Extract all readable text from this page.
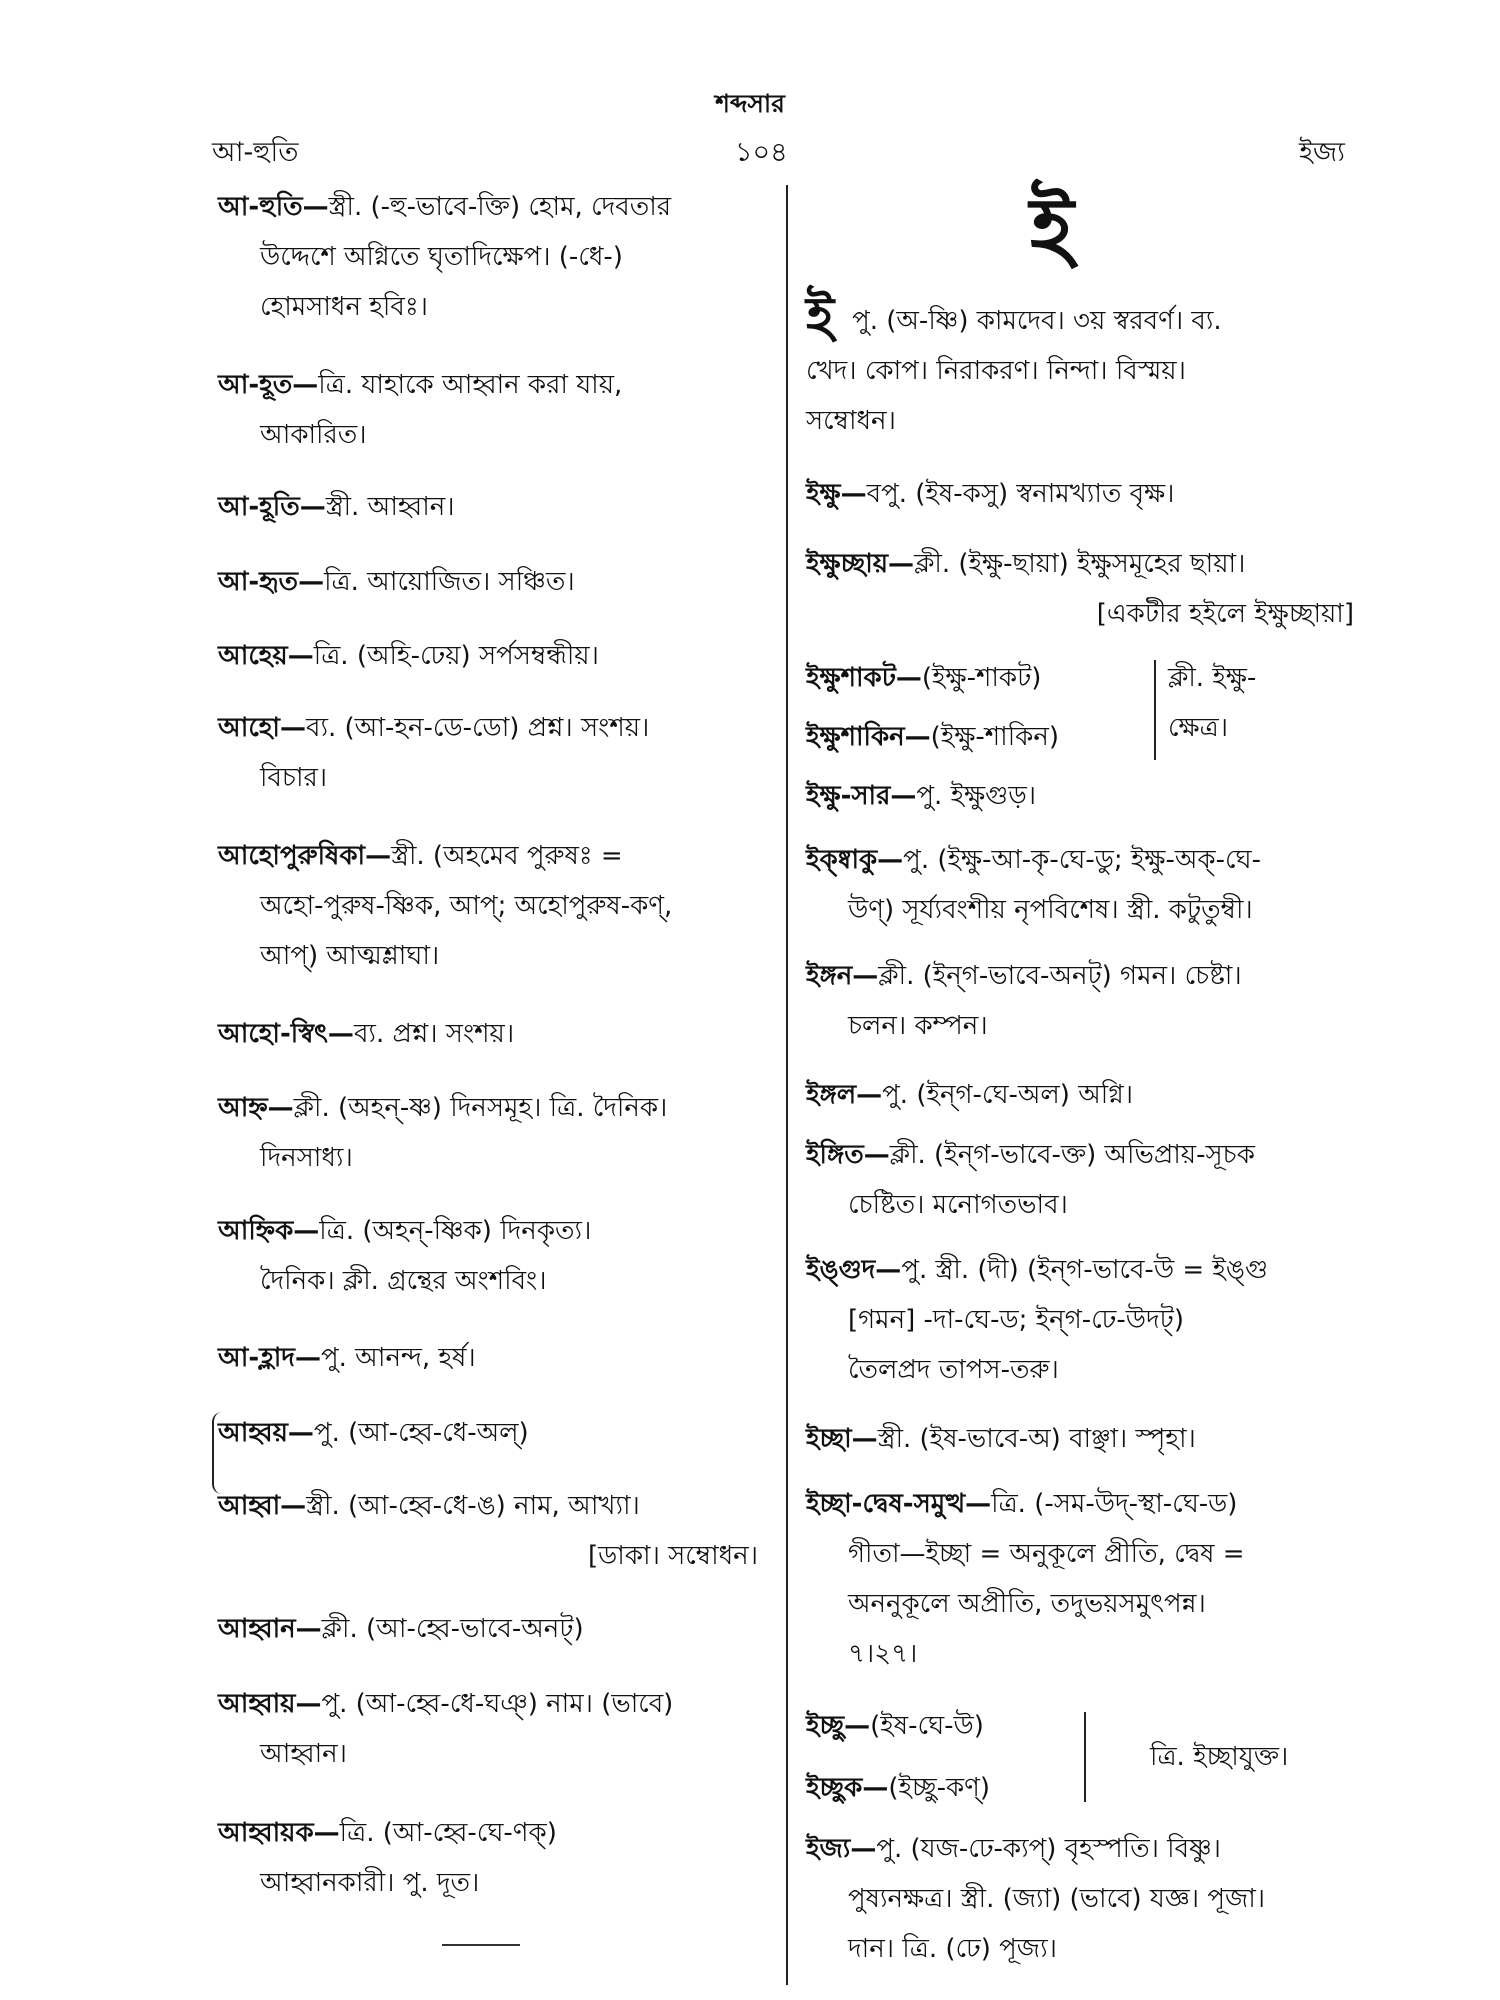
শব্দসার
আ-হুতি	১০৪	ইজ্য
ই
আ-হুতি—স্ত্রী. (-হু-ভাবে-ক্তি) হোম, দেবতার
উদ্দেশে অগ্নিতে ঘৃতাদিক্ষেপ। (-ধে-)
হোমসাধন হবিঃ।
আ-হূত—ত্রি. যাহাকে আহ্বান করা যায়,
আকারিত।
আ-হূতি—স্ত্রী. আহ্বান।
আ-হৃত—ত্রি. আয়োজিত। সঞ্চিত।
আহেয়—ত্রি. (অহি-ঢেয়) সর্পসম্বন্ধীয়।
আহো—ব্য. (আ-হন-ডে-ডো) প্রশ্ন। সংশয়।
বিচার।
আহোপুরুষিকা—স্ত্রী. (অহমেব পুরুষঃ =
অহো-পুরুষ-ষ্ণিক, আপ্; অহোপুরুষ-কণ্,
আপ্) আত্মশ্লাঘা।
আহো-স্বিৎ—ব্য. প্রশ্ন। সংশয়।
আহ্ন—ক্লী. (অহন্-ষ্ণ) দিনসমূহ। ত্রি. দৈনিক।
দিনসাধ্য।
আহ্নিক—ত্রি. (অহন্-ষ্ণিক) দিনকৃত্য।
দৈনিক। ক্লী. গ্রন্থের অংশবিং।
আ-হ্লাদ—পু. আনন্দ, হর্ষ।
আহ্বয়—পু. (আ-হ্বে-ধে-অল্)
আহ্বা—স্ত্রী. (আ-হ্বে-ধে-ঙ) নাম, আখ্যা।
[ডাকা। সম্বোধন।
আহ্বান—ক্লী. (আ-হ্বে-ভাবে-অনট্)
আহ্বায়—পু. (আ-হ্বে-ধে-ঘঞ্) নাম। (ভাবে)
আহ্বান।
আহ্বায়ক—ত্রি. (আ-হ্বে-ঘে-ণক্)
আহ্বানকারী। পু. দূত।
ইপু. (অ-ষ্ণি) কামদেব। ৩য় স্বরবর্ণ। ব্য.
খেদ। কোপ। নিরাকরণ। নিন্দা। বিস্ময়।
সম্বোধন।
ইক্ষু—বপু. (ইষ-কসু) স্বনামখ্যাত বৃক্ষ।
ইক্ষুচ্ছায়—ক্লী. (ইক্ষু-ছায়া) ইক্ষুসমূহের ছায়া।
[একটীর হইলে ইক্ষুচ্ছায়া]
ইক্ষুশাকট—(ইক্ষু-শাকট)
ইক্ষুশাকিন—(ইক্ষু-শাকিন)
ক্লী. ইক্ষু-
ক্ষেত্র।
ইক্ষু-সার—পু. ইক্ষুগুড়।
ইক্ষ্বাকু—পু. (ইক্ষু-আ-কৃ-ঘে-ডু; ইক্ষু-অক্-ঘে-
উণ্) সূর্য্যবংশীয় নৃপবিশেষ। স্ত্রী. কটুতুম্বী।
ইঙ্গন—ক্লী. (ইন্গ-ভাবে-অনট্) গমন। চেষ্টা।
চলন। কম্পন।
ইঙ্গল—পু. (ইন্গ-ঘে-অল) অগ্নি।
ইঙ্গিত—ক্লী. (ইন্গ-ভাবে-ক্ত) অভিপ্রায়-সূচক
চেষ্টিত। মনোগতভাব।
ইঙ্গুদ—পু. স্ত্রী. (দী) (ইন্গ-ভাবে-উ = ইঙ্গু
[গমন] -দা-ঘে-ড; ইন্গ-ঢে-উদট্)
তৈলপ্রদ তাপস-তরু।
ইচ্ছা—স্ত্রী. (ইষ-ভাবে-অ) বাঞ্ছা। স্পৃহা।
ইচ্ছা-দ্বেষ-সমুত্থ—ত্রি. (-সম-উদ্-স্থা-ঘে-ড)
গীতা—ইচ্ছা = অনুকূলে প্রীতি, দ্বেষ =
অননুকূলে অপ্রীতি, তদুভয়সমুৎপন্ন।
৭।২৭।
ইচ্ছু—(ইষ-ঘে-উ)
ইচ্ছুক—(ইচ্ছু-কণ্)
ত্রি. ইচ্ছাযুক্ত।
ইজ্য—পু. (যজ-ঢে-ক্যপ্) বৃহস্পতি। বিষ্ণু।
পুষ্যনক্ষত্র। স্ত্রী. (জ্যা) (ভাবে) যজ্ঞ। পূজা।
দান। ত্রি. (ঢে) পূজ্য।
